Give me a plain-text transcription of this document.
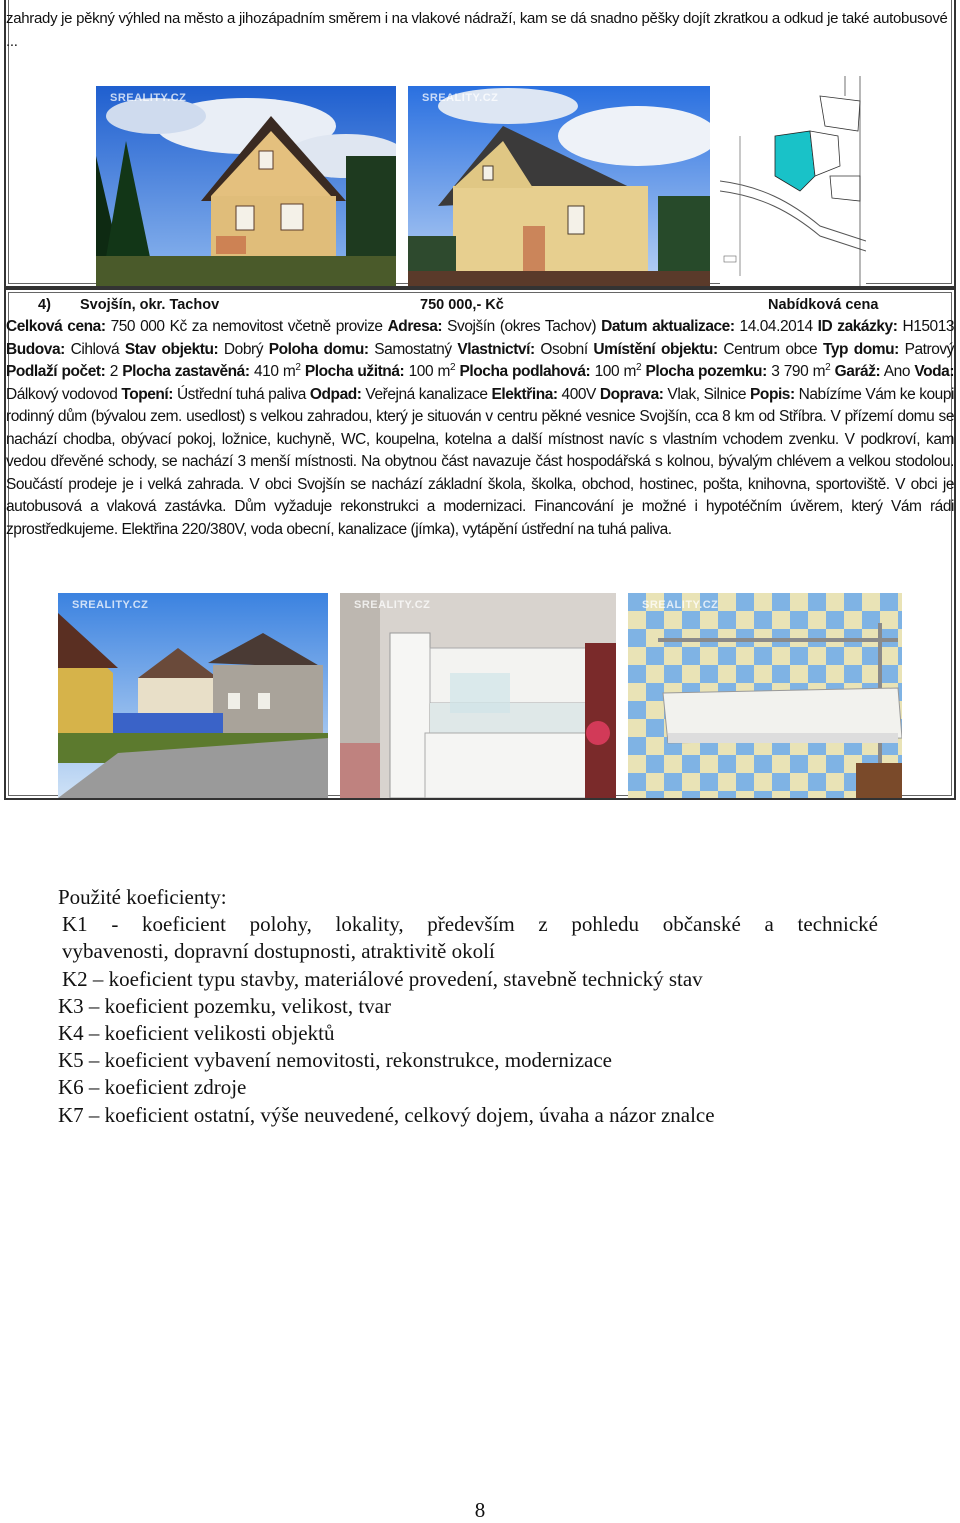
zahrady je pěkný výhled na město a jihozápadním směrem i na vlakové nádraží, kam se dá snadno pěšky dojít zkratkou a odkud je také autobusové ...
SREALITY.CZ	SREALITY.CZ
4) Svojšín, okr. Tachov	750 000,- Kč	Nabídková cena
Celková cena: 750 000 Kč za nemovitost včetně provize Adresa: Svojšín (okres Tachov) Datum aktualizace: 14.04.2014 ID zakázky: H15013 Budova: Cihlová Stav objektu: Dobrý Poloha domu: Samostatný Vlastnictví: Osobní Umístění objektu: Centrum obce Typ domu: Patrový Podlaží počet: 2 Plocha zastavěná: 410 $m^2$ Plocha užitná: 100 $m^2$ Plocha podlahová: 100 $m^2$ Plocha pozemku: 3 790 $m^2$ Garáž: Ano Voda: Dálkový vodovod Topení: Ústřední tuhá paliva Odpad: Veřejná kanalizace Elektřina: 400V Doprava: Vlak, Silnice Popis: Nabízíme Vám ke koupi rodinný dům (bývalou zem. usedlost) s velkou zahradou, který je situován v centru pěkné vesnice Svojšín, cca 8 km od Stříbra. V přízemí domu se nachází chodba, obývací pokoj, ložnice, kuchyně, WC, koupelna, kotelna a další místnost navíc s vlastním vchodem zvenku. V podkroví, kam vedou dřevěné schody, se nachází 3 menší místnosti. Na obytnou část navazuje část hospodářská s kolnou, bývalým chlévem a velkou stodolou. Součástí prodeje je i velká zahrada. V obci Svojšín se nachází základní škola, školka, obchod, hostinec, pošta, knihovna, sportoviště. V obci je autobusová a vlaková zastávka. Dům vyžaduje rekonstrukci a modernizaci. Financování je možné i hypotéčním úvěrem, který Vám rádi zprostředkujeme. Elektřina 220/380V, voda obecní, kanalizace (jímka), vytápění ústřední na tuhá paliva.
SREALITY.CZ	SREALITY.CZ	SREALITY.CZ
Použité koeficienty:
K1 - koeficient polohy, lokality, především z pohledu občanské a technické
vybavenosti, dopravní dostupnosti, atraktivitě okolí
K2 – koeficient typu stavby, materiálové provedení, stavebně technický stav
K3 – koeficient pozemku, velikost, tvar
K4 – koeficient velikosti objektů
K5 – koeficient vybavení nemovitosti, rekonstrukce, modernizace
K6 – koeficient zdroje
K7 – koeficient ostatní, výše neuvedené, celkový dojem, úvaha a názor znalce
8
